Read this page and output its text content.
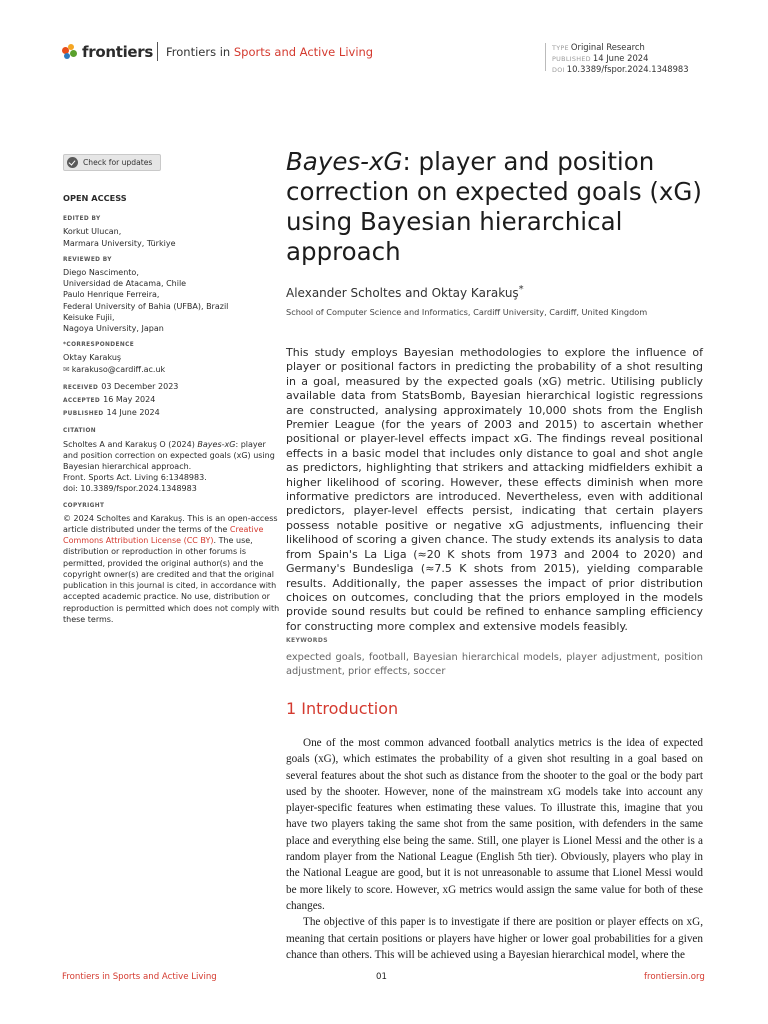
frontiers Frontiers in Sports and Active Living	TYPE Original Research
PUBLISHED 14 June 2024
DOI 10.3389/fspor.2024.1348983
Check for updates
OPEN ACCESS
EDITED BY
Korkut Ulucan,
Marmara University, Türkiye
REVIEWED BY
Diego Nascimento,
Universidad de Atacama, Chile
Paulo Henrique Ferreira,
Federal University of Bahia (UFBA), Brazil
Keisuke Fujii,
Nagoya University, Japan
*CORRESPONDENCE
Oktay Karakuş
✉ karakuso@cardiff.ac.uk
RECEIVED 03 December 2023
ACCEPTED 16 May 2024
PUBLISHED 14 June 2024
CITATION
Scholtes A and Karakuş O (2024) Bayes-xG: player and position correction on expected goals (xG) using Bayesian hierarchical approach.
Front. Sports Act. Living 6:1348983.
doi: 10.3389/fspor.2024.1348983
COPYRIGHT
© 2024 Scholtes and Karakuş. This is an open-access article distributed under the terms of the Creative Commons Attribution License (CC BY). The use, distribution or reproduction in other forums is permitted, provided the original author(s) and the copyright owner(s) are credited and that the original publication in this journal is cited, in accordance with accepted academic practice. No use, distribution or reproduction is permitted which does not comply with these terms.
Bayes-xG: player and position correction on expected goals (xG) using Bayesian hierarchical approach
Alexander Scholtes and Oktay Karakuş*
School of Computer Science and Informatics, Cardiff University, Cardiff, United Kingdom
This study employs Bayesian methodologies to explore the influence of player or positional factors in predicting the probability of a shot resulting in a goal, measured by the expected goals (xG) metric. Utilising publicly available data from StatsBomb, Bayesian hierarchical logistic regressions are constructed, analysing approximately 10,000 shots from the English Premier League (for the years of 2003 and 2015) to ascertain whether positional or player-level effects impact xG. The findings reveal positional effects in a basic model that includes only distance to goal and shot angle as predictors, highlighting that strikers and attacking midfielders exhibit a higher likelihood of scoring. However, these effects diminish when more informative predictors are introduced. Nevertheless, even with additional predictors, player-level effects persist, indicating that certain players possess notable positive or negative xG adjustments, influencing their likelihood of scoring a given chance. The study extends its analysis to data from Spain's La Liga (≈20 K shots from 1973 and 2004 to 2020) and Germany's Bundesliga (≈7.5 K shots from 2015), yielding comparable results. Additionally, the paper assesses the impact of prior distribution choices on outcomes, concluding that the priors employed in the models provide sound results but could be refined to enhance sampling efficiency for constructing more complex and extensive models feasibly.
KEYWORDS
expected goals, football, Bayesian hierarchical models, player adjustment, position adjustment, prior effects, soccer
1 Introduction

One of the most common advanced football analytics metrics is the idea of expected goals (xG), which estimates the probability of a given shot resulting in a goal based on several features about the shot such as distance from the shooter to the goal or the body part used by the shooter. However, none of the mainstream xG models take into account any player-specific features when estimating these values. To illustrate this, imagine that you have two players taking the same shot from the same position, with defenders in the same place and everything else being the same. Still, one player is Lionel Messi and the other is a random player from the National League (English 5th tier). Obviously, players who play in the National League are good, but it is not unreasonable to assume that Lionel Messi would be more likely to score. However, xG metrics would assign the same value for both of these changes.

The objective of this paper is to investigate if there are position or player effects on xG, meaning that certain positions or players have higher or lower goal probabilities for a given chance than others. This will be achieved using a Bayesian hierarchical model, where the

Frontiers in Sports and Active Living	01	frontiersin.org
